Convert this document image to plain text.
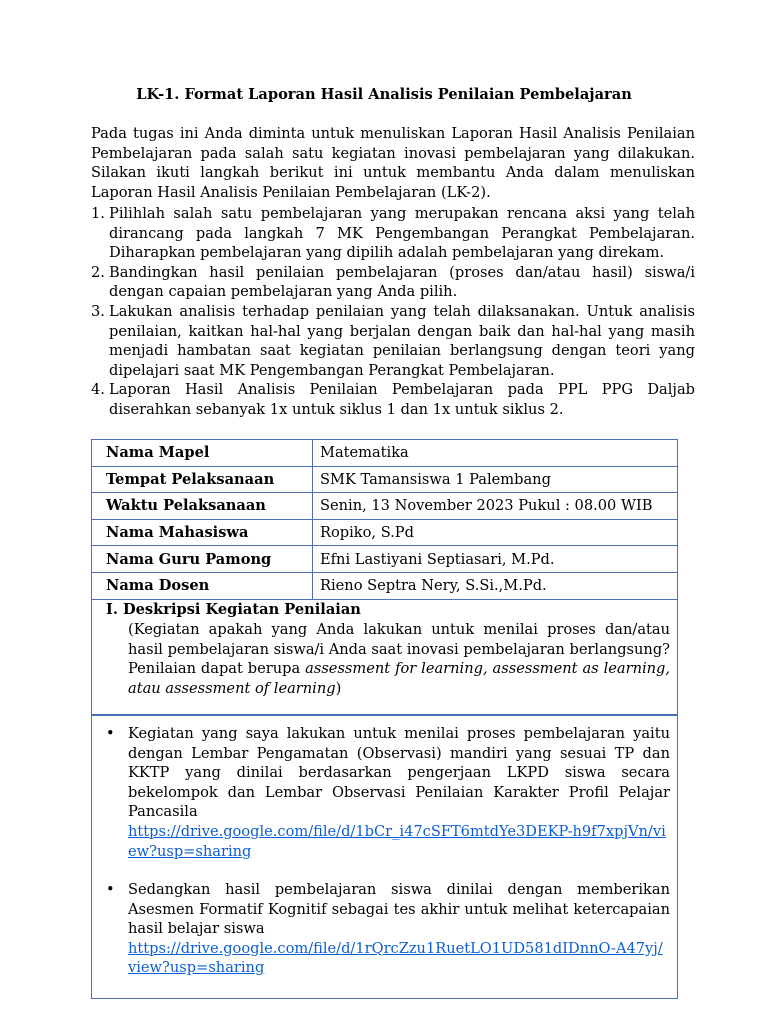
LK-1. Format Laporan Hasil Analisis Penilaian Pembelajaran
Pada tugas ini Anda diminta untuk menuliskan Laporan Hasil Analisis Penilaian Pembelajaran pada salah satu kegiatan inovasi pembelajaran yang dilakukan. Silakan ikuti langkah berikut ini untuk membantu Anda dalam menuliskan Laporan Hasil Analisis Penilaian Pembelajaran (LK-2).
1. Pilihlah salah satu pembelajaran yang merupakan rencana aksi yang telah dirancang pada langkah 7 MK Pengembangan Perangkat Pembelajaran. Diharapkan pembelajaran yang dipilih adalah pembelajaran yang direkam.
2. Bandingkan hasil penilaian pembelajaran (proses dan/atau hasil) siswa/i dengan capaian pembelajaran yang Anda pilih.
3. Lakukan analisis terhadap penilaian yang telah dilaksanakan. Untuk analisis penilaian, kaitkan hal-hal yang berjalan dengan baik dan hal-hal yang masih menjadi hambatan saat kegiatan penilaian berlangsung dengan teori yang dipelajari saat MK Pengembangan Perangkat Pembelajaran.
4. Laporan Hasil Analisis Penilaian Pembelajaran pada PPL PPG Daljab diserahkan sebanyak 1x untuk siklus 1 dan 1x untuk siklus 2.
Nama Mapel	Matematika
Tempat Pelaksanaan	SMK Tamansiswa 1 Palembang
Waktu Pelaksanaan	Senin, 13 November 2023 Pukul : 08.00 WIB
Nama Mahasiswa	Ropiko, S.Pd
Nama Guru Pamong	Efni Lastiyani Septiasari, M.Pd.
Nama Dosen	Rieno Septra Nery, S.Si.,M.Pd.
I. Deskripsi Kegiatan Penilaian
(Kegiatan apakah yang Anda lakukan untuk menilai proses dan/atau hasil pembelajaran siswa/i Anda saat inovasi pembelajaran berlangsung? Penilaian dapat berupa assessment for learning, assessment as learning, atau assessment of learning)
• Kegiatan yang saya lakukan untuk menilai proses pembelajaran yaitu dengan Lembar Pengamatan (Observasi) mandiri yang sesuai TP dan KKTP yang dinilai berdasarkan pengerjaan LKPD siswa secara bekelompok dan Lembar Observasi Penilaian Karakter Profil Pelajar Pancasila
https://drive.google.com/file/d/1bCr_i47cSFT6mtdYe3DEKP-h9f7xpjVn/view?usp=sharing
• Sedangkan hasil pembelajaran siswa dinilai dengan memberikan Asesmen Formatif Kognitif sebagai tes akhir untuk melihat ketercapaian hasil belajar siswa
https://drive.google.com/file/d/1rQrcZzu1RuetLO1UD581dIDnnO-A47yj/view?usp=sharing
